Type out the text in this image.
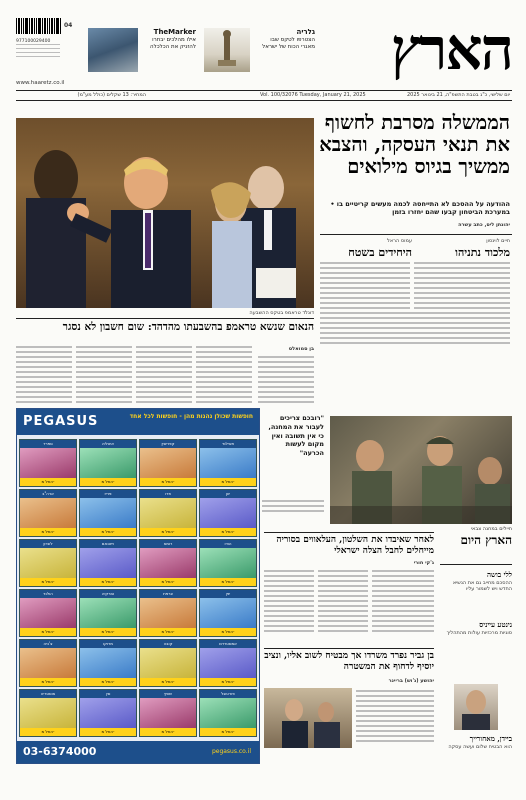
הארץ
977100029400
04
TheMarker
אילו מהלכים יבחרו להזניק את הכלכלה
גלריה
הצטרפו לטקס שבו
מאגרי הכוח של ישראל
www.haaretz.co.il
יום שלישי, כ"ג בטבת התשפ"ה, 21 בינואר 2025
Vol. 100/32076 Tuesday, January 21, 2025
המחיר: 13 שקלים (כולל מע"מ)
דונלד טראמפ בטקס ההשבעה
הממשלה מסרבת לחשוף את תנאי העסקה, והצבא ממשיך בגיוס מילואים
ההודעה על ההסכם לא התייחסה לכמה מעשים קריטיים בו • במערכת הביטחון קבעו שהם יחזרו בזמן
יהונתן ליס, כתב עשרה
חיים לוינסון
מלכוד נתניהו
עמוס הראל
היחידים בשטח
הנאום שנשא טראמפ בהשבעתו מהדהד: שום חשבון לא נסגר
בן סמואלס
חיילים במחנה צבאי
"רובכם צריכים לעבור את המחנה, כי אין תשובה ואין מקום לעשות הכרעה"
PEGASUS	חופשות שכולן נהנות מהן - חופשות לכל אחד
תאילנד
החל מ-
קפריסין
החל מ-
איטליה
החל מ-
ספרד
החל מ-
יוון
החל מ-
פרו
החל מ-
פריז
החל מ-
ארה"ב
החל מ-
הודו
החל מ-
רומא
החל מ-
וייטנאם
החל מ-
לונדון
החל מ-
יפן
החל מ-
צרפת
החל מ-
טורקיה
החל מ-
הולנד
החל מ-
אמסטרדם
החל מ-
קובה
החל מ-
מרוקו
החל מ-
צ'כיה
החל מ-
פורטוגל
החל מ-
שוויץ
החל מ-
סין
החל מ-
אוסטריה
החל מ-
03-6374000	pegasus.co.il
לאחר שאיבדו את השלטון, העלאווים בסוריה מייחלים לחבל הצלה ישראלי
ג'קי חורי
הארץ היום
ללי בושה
ההסכם מחייב גם את הנשיא החדש ויש לשמור עליו
נינטע עייניס
סוגיות מרכזיות עולות מהתהליך
ביידן, מאחורייך
הוא הבטיח שלום ועשה עסקה
בן גביר נפרד משרדו אך מבטיח לשוב אליו, ונציב יוסיף לדחוף את המשטרה
יהושע (ג'וש) בריינר
